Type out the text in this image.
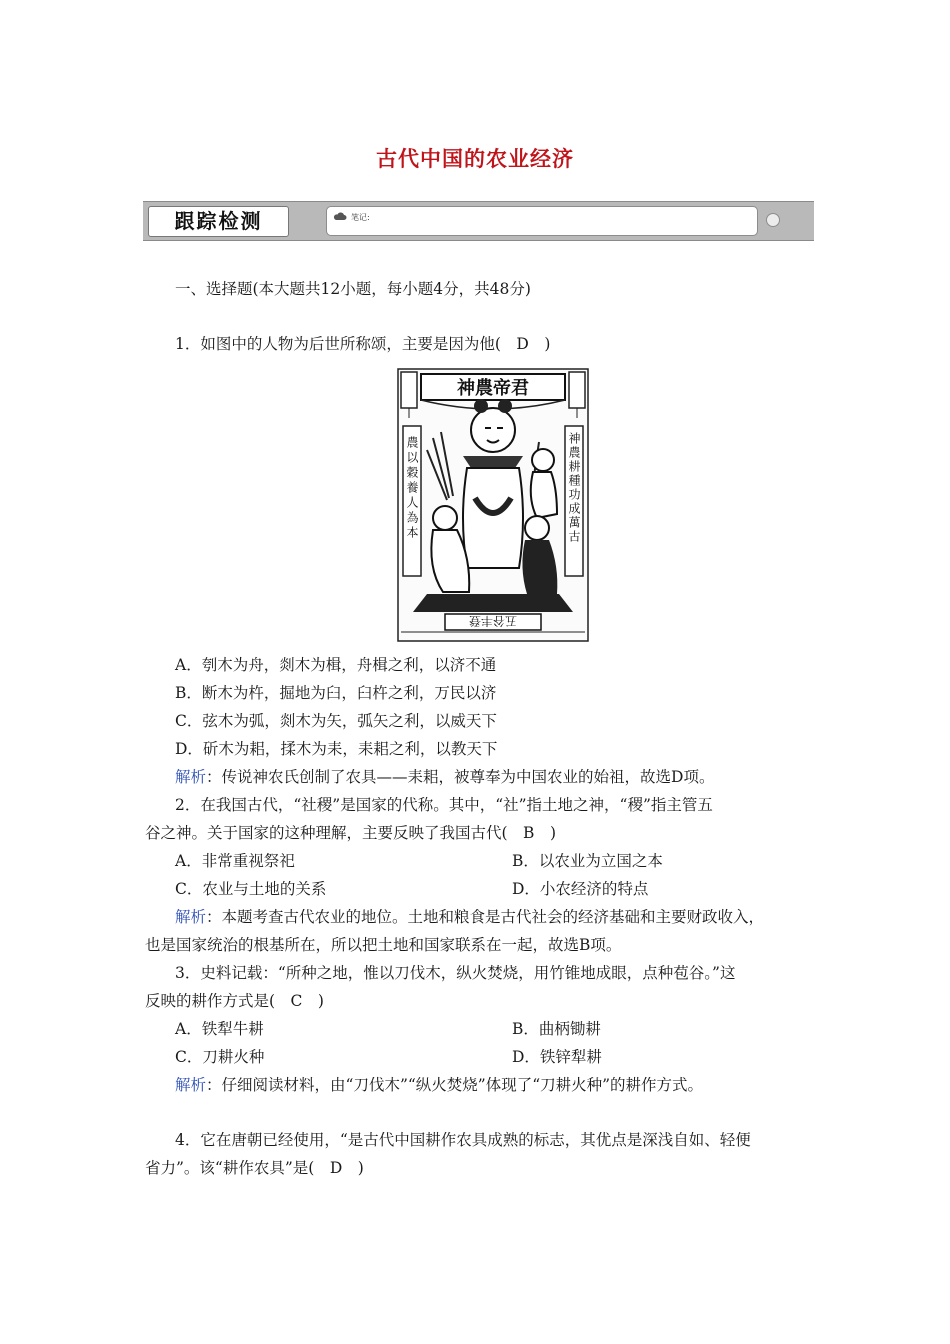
古代中国的农业经济
跟踪检测	笔记:
一、选择题(本大题共12小题，每小题4分，共48分)
1．如图中的人物为后世所称颂，主要是因为他(　D　)
神農帝君
農以穀養人為本	神農耕種功成萬古
五谷丰登
A．刳木为舟，剡木为楫，舟楫之利，以济不通
B．断木为杵，掘地为臼，臼杵之利，万民以济
C．弦木为弧，剡木为矢，弧矢之利，以威天下
D．斫木为耜，揉木为耒，耒耜之利，以教天下
解析：传说神农氏创制了农具——耒耜，被尊奉为中国农业的始祖，故选D项。
2．在我国古代，“社稷”是国家的代称。其中，“社”指土地之神，“稷”指主管五
谷之神。关于国家的这种理解，主要反映了我国古代(　B　)
A．非常重视祭祀	B．以农业为立国之本
C．农业与土地的关系	D．小农经济的特点
解析：本题考查古代农业的地位。土地和粮食是古代社会的经济基础和主要财政收入，
也是国家统治的根基所在，所以把土地和国家联系在一起，故选B项。
3．史料记载：“所种之地，惟以刀伐木，纵火焚烧，用竹锥地成眼，点种苞谷。”这
反映的耕作方式是(　C　)
A．铁犁牛耕	B．曲柄锄耕
C．刀耕火种	D．铁锌犁耕
解析：仔细阅读材料，由“刀伐木”“纵火焚烧”体现了“刀耕火种”的耕作方式。
4．它在唐朝已经使用，“是古代中国耕作农具成熟的标志，其优点是深浅自如、轻便
省力”。该“耕作农具”是(　D　)
